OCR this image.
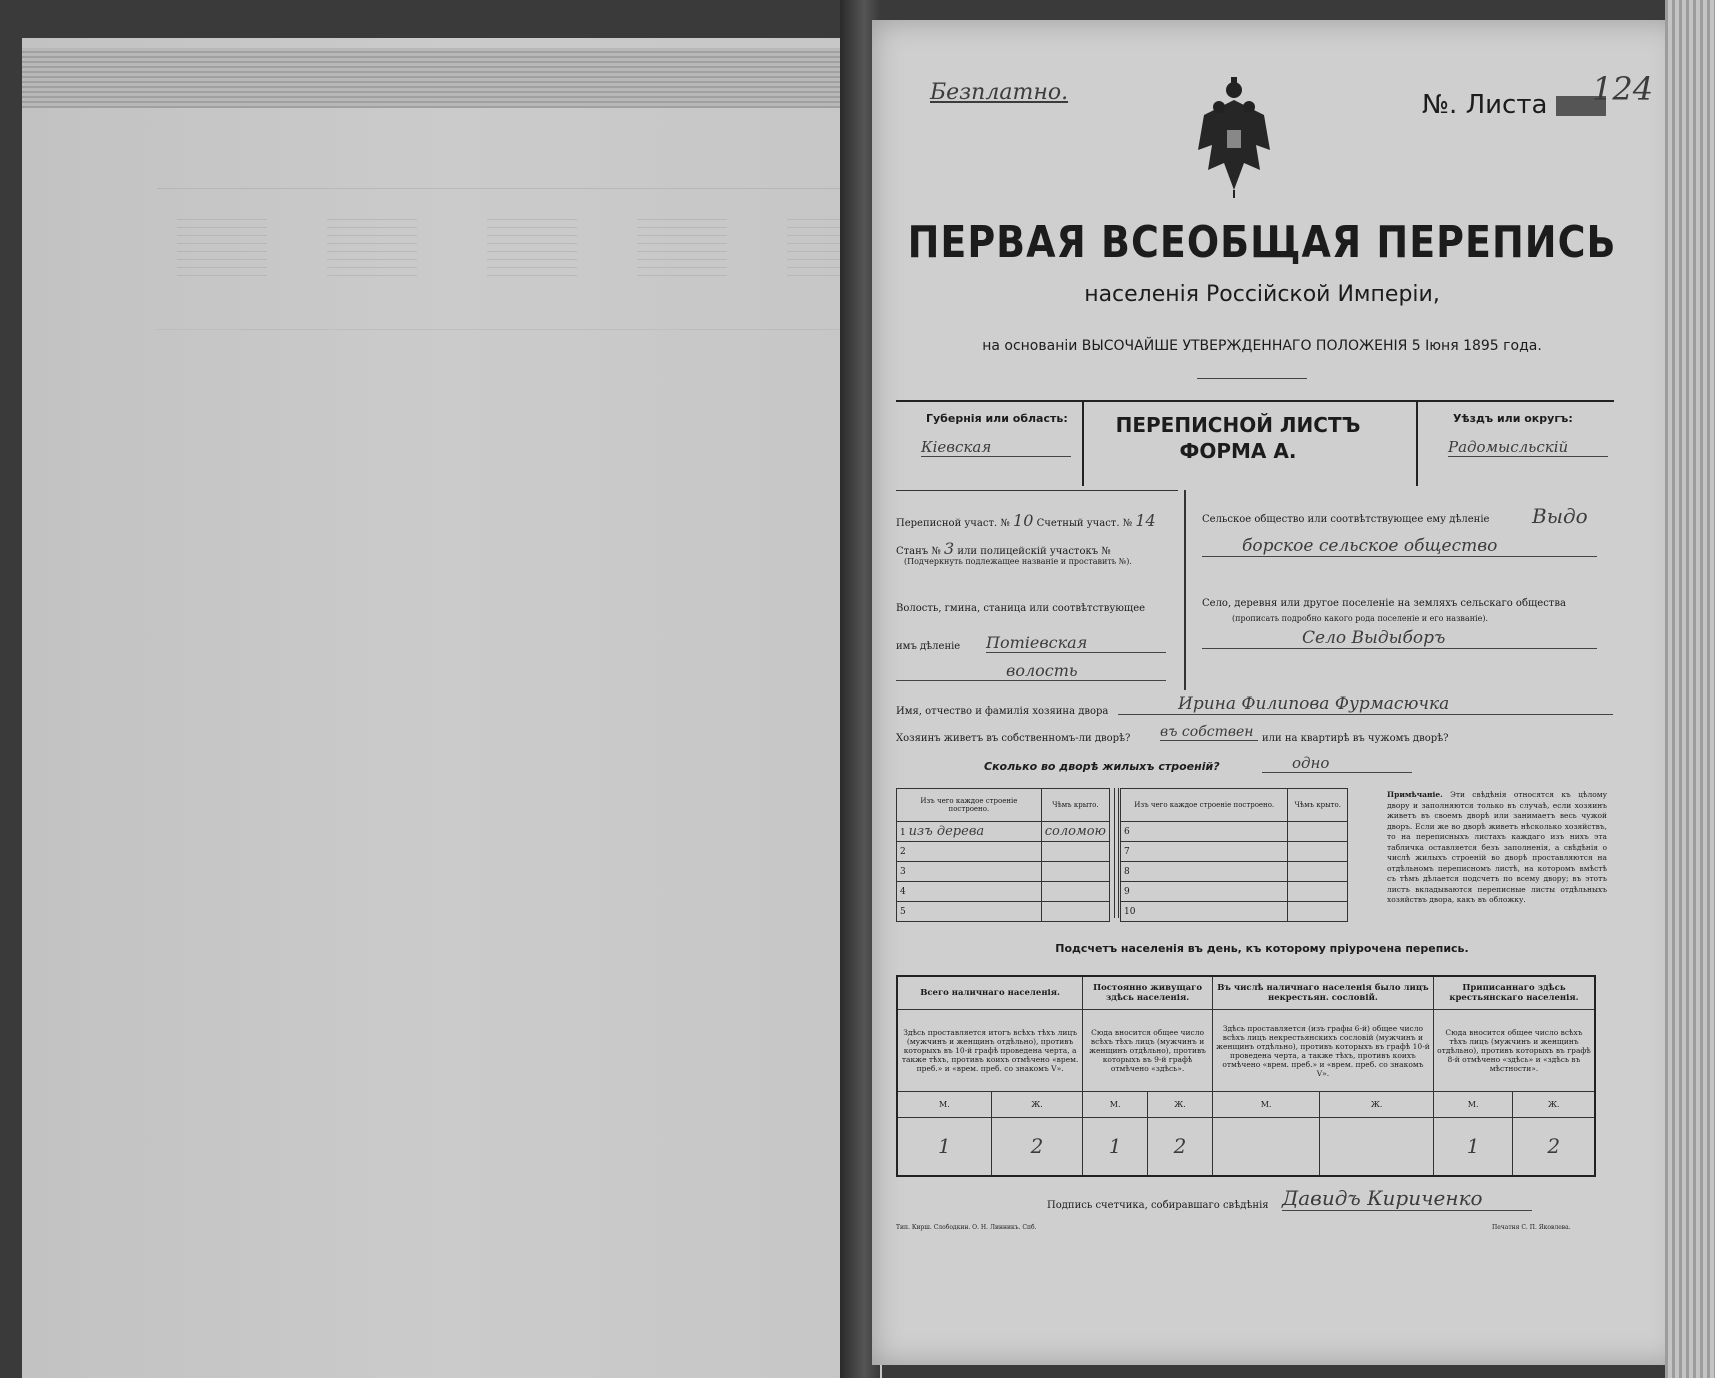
Безплатно.	№. Листа	124
ПЕРВАЯ ВСЕОБЩАЯ ПЕРЕПИСЬ
населенія Россійской Имперіи,
на основаніи ВЫСОЧАЙШЕ УТВЕРЖДЕННАГО ПОЛОЖЕНІЯ 5 Іюня 1895 года.
Губернія или область:
Кіевская
ПЕРЕПИСНОЙ ЛИСТЪ
ФОРМА А.
Уѣздъ или округъ:
Радомысльскій
Переписной участ. № 10 Счетный участ. № 14
Станъ № 3 или полицейскій участокъ №
(Подчеркнуть подлежащее названіе и проставить №).
Волость, гмина, станица или соотвѣтствующее
имъ дѣленіе Потіевская
волость
Сельское общество или соотвѣтствующее ему дѣленіе Выдо
борское сельское общество
Село, деревня или другое поселеніе на земляхъ сельскаго общества
(прописать подробно какого рода поселеніе и его названіе).
Село Выдыборъ
Имя, отчество и фамилія хозяина двора	Ирина Филипова Фурмасючка
Хозяинъ живетъ въ собственномъ-ли дворѣ? въ собствен или на квартирѣ въ чужомъ дворѣ?
Сколько во дворѣ жилыхъ строеній?	одно
Изъ чего каждое строеніе построено.	Чѣмъ крыто.
1 изъ дерева	соломою
2	
3	
4	
5	
Изъ чего каждое строеніе построено.	Чѣмъ крыто.
6	
7	
8	
9	
10	
Примѣчаніе. Эти свѣдѣнія относятся къ цѣлому двору и заполняются только въ случаѣ, если хозяинъ живетъ въ своемъ дворѣ или занимаетъ весь чужой дворъ. Если же во дворѣ живетъ нѣсколько хозяйствъ, то на переписныхъ листахъ каждаго изъ нихъ эта табличка оставляется безъ заполненія, а свѣдѣнія о числѣ жилыхъ строеній во дворѣ проставляются на отдѣльномъ переписномъ листѣ, на которомъ вмѣстѣ съ тѣмъ дѣлается подсчетъ по всему двору; въ этотъ листъ вкладываются переписные листы отдѣльныхъ хозяйствъ двора, какъ въ обложку.
Подсчетъ населенія въ день, къ которому пріурочена перепись.
Всего наличнаго населенія.		Постоянно живущаго здѣсь населенія.		Въ числѣ наличнаго населенія было лицъ некрестьян. сословій.		Приписаннаго здѣсь крестьянскаго населенія.	
Здѣсь проставляется итогъ всѣхъ тѣхъ лицъ (мужчинъ и женщинъ отдѣльно), противъ которыхъ въ 10-й графѣ проведена черта, а также тѣхъ, противъ коихъ отмѣчено «врем. преб.» и «врем. преб. со знакомъ V».		Сюда вносится общее число всѣхъ тѣхъ лицъ (мужчинъ и женщинъ отдѣльно), противъ которыхъ въ 9-й графѣ отмѣчено «здѣсь».		Здѣсь проставляется (изъ графы 6-й) общее число всѣхъ лицъ некрестьянскихъ сословій (мужчинъ и женщинъ отдѣльно), противъ которыхъ въ графѣ 10-й проведена черта, а также тѣхъ, противъ коихъ отмѣчено «врем. преб.» и «врем. преб. со знакомъ V».		Сюда вносится общее число всѣхъ тѣхъ лицъ (мужчинъ и женщинъ отдѣльно), противъ которыхъ въ графѣ 8-й отмѣчено «здѣсь» и «здѣсь въ мѣстности».	
М.	Ж.	М.	Ж.	М.	Ж.	М.	Ж.
1	2	1	2			1	2
Подпись счетчика, собиравшаго свѣдѣнія Давидъ Кириченко
Тип. Кирш. Слободкин. О. Н. Линникъ. Спб.	Печатня С. П. Яковлева.
